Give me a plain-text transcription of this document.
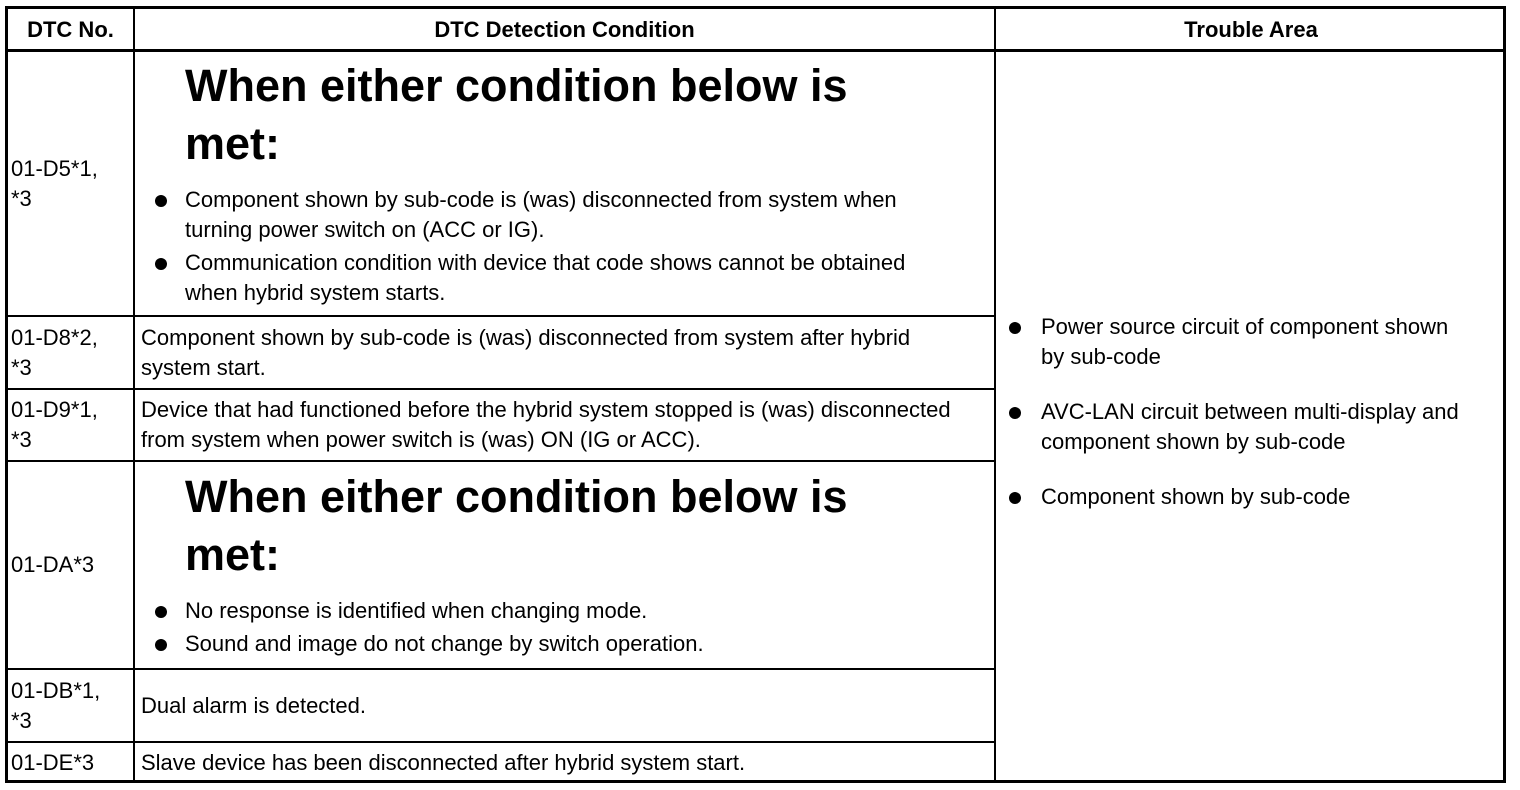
DTC No.	DTC Detection Condition	Trouble Area
01-D5*1,
*3

When either condition below is met:

Component shown by sub-code is (was) disconnected from system when turning power switch on (ACC or IG).
Communication condition with device that code shows cannot be obtained when hybrid system starts.
01-D8*2,
*3
Component shown by sub-code is (was) disconnected from system after hybrid system start.
01-D9*1,
*3
Device that had functioned before the hybrid system stopped is (was) disconnected from system when power switch is (was) ON (IG or ACC).
01-DA*3

When either condition below is met:

No response is identified when changing mode.
Sound and image do not change by switch operation.
01-DB*1,
*3
Dual alarm is detected.
01-DE*3 Slave device has been disconnected after hybrid system start.
Power source circuit of component shown by sub-code
AVC-LAN circuit between multi-display and component shown by sub-code
Component shown by sub-code
